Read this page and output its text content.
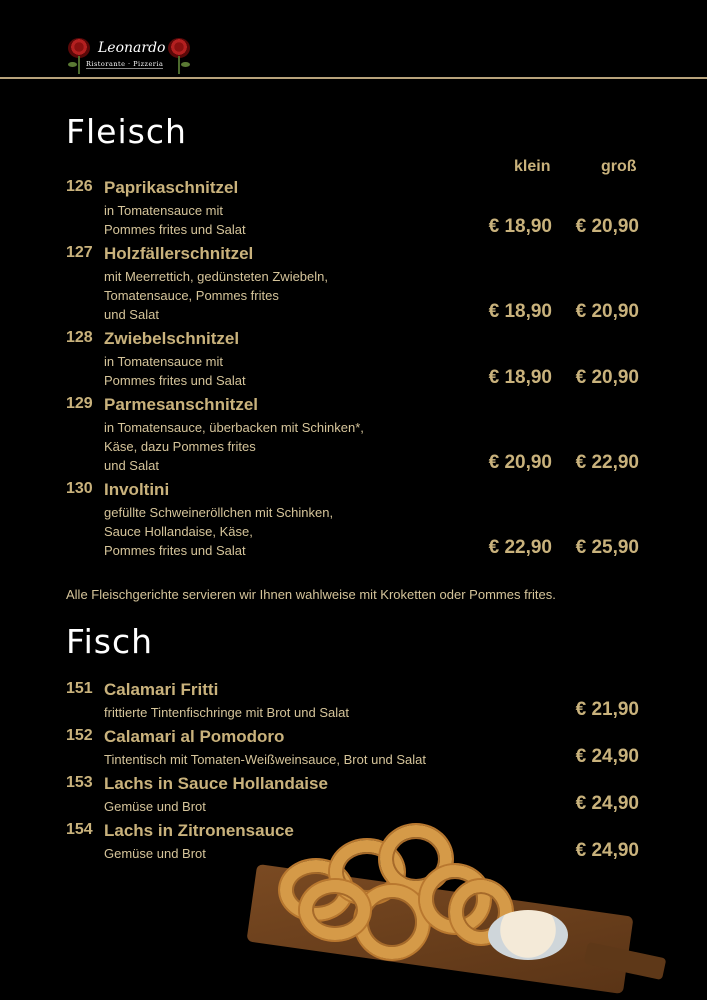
Leonardo
Ristorante · Pizzeria
Fleisch
klein	groß
126 Paprikaschnitzel
in Tomatensauce mit
Pommes frites und Salat	€ 18,90 € 20,90
127 Holzfällerschnitzel
mit Meerrettich, gedünsteten Zwiebeln,
Tomatensauce, Pommes frites
und Salat	€ 18,90 € 20,90
128 Zwiebelschnitzel
in Tomatensauce mit
Pommes frites und Salat	€ 18,90 € 20,90
129 Parmesanschnitzel
in Tomatensauce, überbacken mit Schinken*,
Käse, dazu Pommes frites
und Salat	€ 20,90 € 22,90
130 Involtini
gefüllte Schweineröllchen mit Schinken,
Sauce Hollandaise, Käse,
Pommes frites und Salat	€ 22,90 € 25,90
Alle Fleischgerichte servieren wir Ihnen wahlweise mit Kroketten oder Pommes frites.
Fisch
151 Calamari Fritti
frittierte Tintenfischringe mit Brot und Salat	€ 21,90
152 Calamari al Pomodoro
Tintentisch mit Tomaten-Weißweinsauce, Brot und Salat	€ 24,90
153 Lachs in Sauce Hollandaise
Gemüse und Brot	€ 24,90
154 Lachs in Zitronensauce
Gemüse und Brot	€ 24,90
